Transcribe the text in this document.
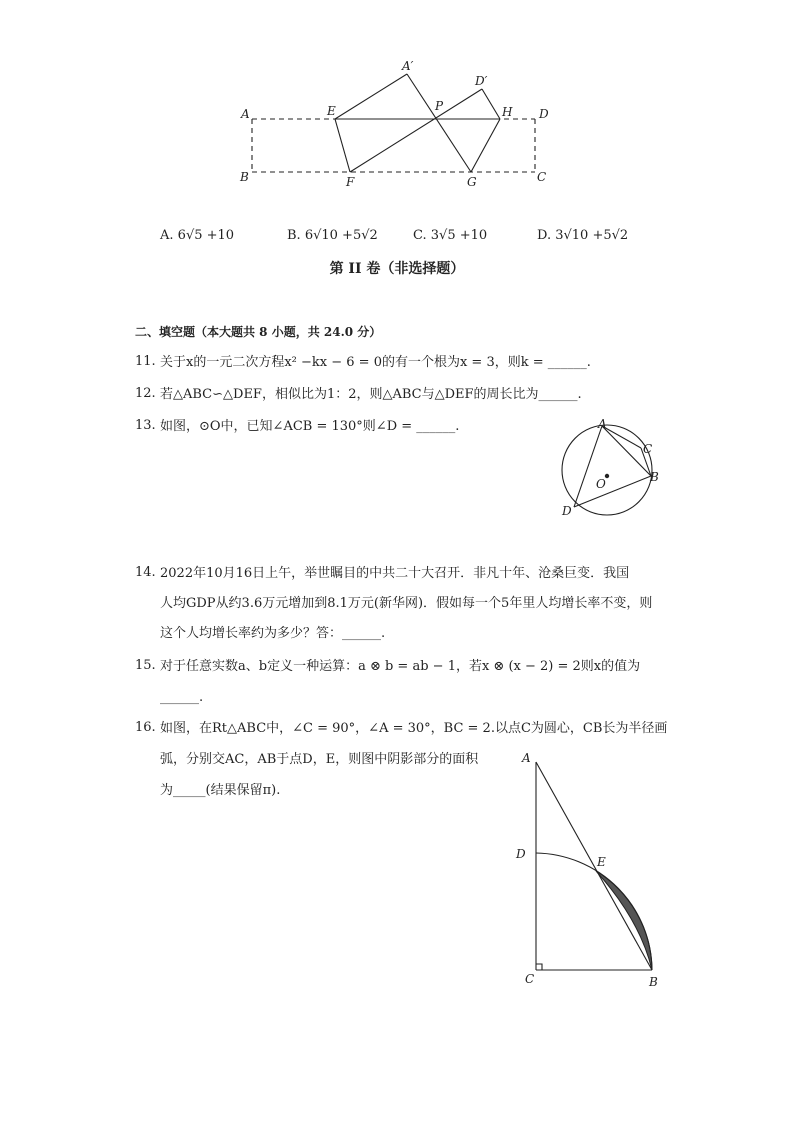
A
B	C
D
E
F	G
H
P
A′
D′
A. 6√5 +10	B. 6√10 +5√2	C. 3√5 +10	D. 3√10 +5√2
第 II 卷（非选择题）
二、填空题（本大题共 8 小题，共 24.0 分）
11. 关于x的一元二次方程x² −kx − 6 = 0的有一个根为x = 3，则k = ______.
12. 若△ABC∽△DEF，相似比为1：2，则△ABC与△DEF的周长比为______.
13. 如图，⊙O中，已知∠ACB = 130°则∠D = ______.	A
C
B
O
D
14. 2022年10月16日上午，举世瞩目的中共二十大召开．非凡十年、沧桑巨变．我国
人均GDP从约3.6万元增加到8.1万元(新华网)．假如每一个5年里人均增长率不变，则
这个人均增长率约为多少？答：______.
15. 对于任意实数a、b定义一种运算：a ⊗ b = ab − 1，若x ⊗ (x − 2) = 2则x的值为
______.
16. 如图，在Rt△ABC中，∠C = 90°，∠A = 30°，BC = 2.以点C为圆心，CB长为半径画
弧，分别交AC，AB于点D，E，则图中阴影部分的面积
为_____(结果保留π).
A
D
E
C	B
